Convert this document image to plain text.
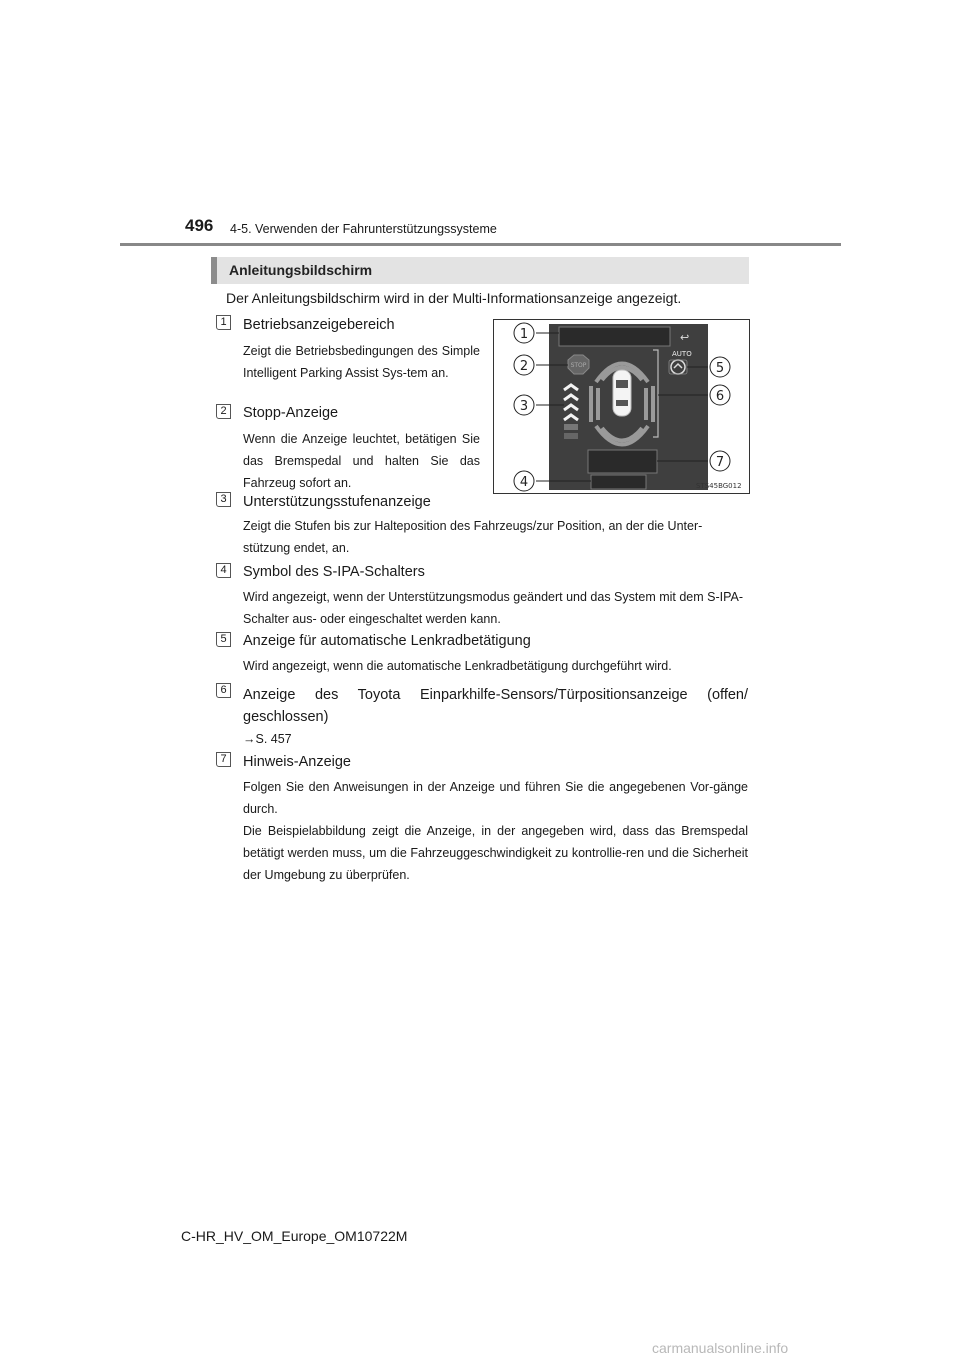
496 4-5. Verwenden der Fahrunterstützungssysteme
Anleitungsbildschirm
Der Anleitungsbildschirm wird in der Multi-Informationsanzeige angezeigt.
1	Betriebsanzeigebereich
Zeigt die Betriebsbedingungen des Simple Intelligent Parking Assist Sys-tem an.
2	Stopp-Anzeige
Wenn die Anzeige leuchtet, betätigen Sie das Bremspedal und halten Sie das Fahrzeug sofort an.
3	Unterstützungsstufenanzeige
Zeigt die Stufen bis zur Halteposition des Fahrzeugs/zur Position, an der die Unter-stützung endet, an.
4	Symbol des S-IPA-Schalters
Wird angezeigt, wenn der Unterstützungsmodus geändert und das System mit dem S-IPA-Schalter aus- oder eingeschaltet werden kann.
5	Anzeige für automatische Lenkradbetätigung
Wird angezeigt, wenn die automatische Lenkradbetätigung durchgeführt wird.
6	Anzeige des Toyota Einparkhilfe-Sensors/Türpositionsanzeige (offen/ geschlossen)
→S. 457
7	Hinweis-Anzeige
Folgen Sie den Anweisungen in der Anzeige und führen Sie die angegebenen Vor-gänge durch.
Die Beispielabbildung zeigt die Anzeige, in der angegeben wird, dass das Bremspedal betätigt werden muss, um die Fahrzeuggeschwindigkeit zu kontrollie-ren und die Sicherheit der Umgebung zu überprüfen.
↩
STOP
AUTO
1
2
3
4
5
6
7
STS45BG012
C-HR_HV_OM_Europe_OM10722M
carmanualsonline.info
